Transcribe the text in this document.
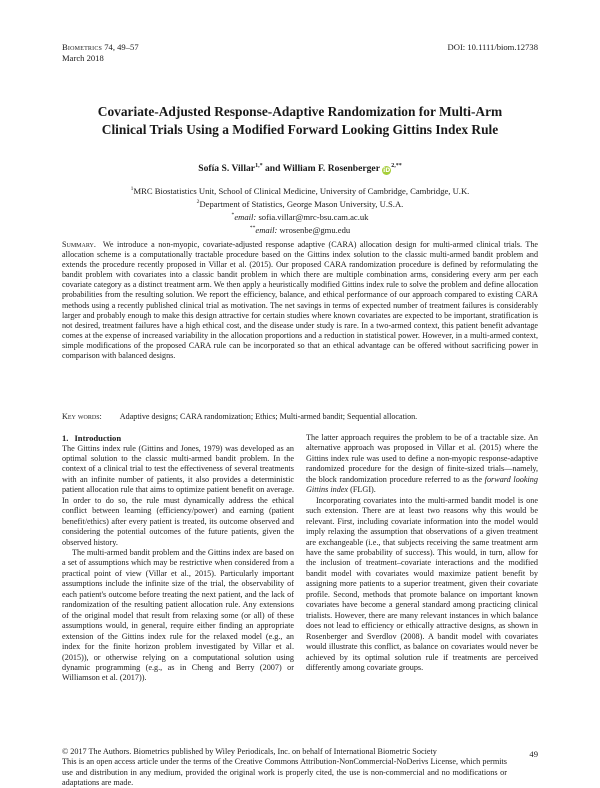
Biometrics 74, 49–57
March 2018
DOI: 10.1111/biom.12738
Covariate-Adjusted Response-Adaptive Randomization for Multi-Arm
Clinical Trials Using a Modified Forward Looking Gittins Index Rule
Sofía S. Villar$^{1,*}$ and William F. Rosenberger $iD^{2,**}$
$^1$MRC Biostatistics Unit, School of Clinical Medicine, University of Cambridge, Cambridge, U.K.
$^2$Department of Statistics, George Mason University, U.S.A.
*email: sofia.villar@mrc-bsu.cam.ac.uk
**email: wrosenbe@gmu.edu
Summary. We introduce a non-myopic, covariate-adjusted response adaptive (CARA) allocation design for multi-armed clinical trials. The allocation scheme is a computationally tractable procedure based on the Gittins index solution to the classic multi-armed bandit problem and extends the procedure recently proposed in Villar et al. (2015). Our proposed CARA randomization procedure is defined by reformulating the bandit problem with covariates into a classic bandit problem in which there are multiple combination arms, considering every arm per each covariate category as a distinct treatment arm. We then apply a heuristically modified Gittins index rule to solve the problem and define allocation probabilities from the resulting solution. We report the efficiency, balance, and ethical performance of our approach compared to existing CARA methods using a recently published clinical trial as motivation. The net savings in terms of expected number of treatment failures is considerably larger and probably enough to make this design attractive for certain studies where known covariates are expected to be important, stratification is not desired, treatment failures have a high ethical cost, and the disease under study is rare. In a two-armed context, this patient benefit advantage comes at the expense of increased variability in the allocation proportions and a reduction in statistical power. However, in a multi-armed context, simple modifications of the proposed CARA rule can be incorporated so that an ethical advantage can be offered without sacrificing power in comparison with balanced designs.
Key words: Adaptive designs; CARA randomization; Ethics; Multi-armed bandit; Sequential allocation.
1. Introduction

The Gittins index rule (Gittins and Jones, 1979) was developed as an optimal solution to the classic multi-armed bandit problem. In the context of a clinical trial to test the effectiveness of several treatments with an infinite number of patients, it also provides a deterministic patient allocation rule that aims to optimize patient benefit on average. In order to do so, the rule must dynamically address the ethical conflict between learning (efficiency/power) and earning (patient benefit/ethics) after every patient is treated, its outcome observed and considering the potential outcomes of the future patients, given the observed history.

The multi-armed bandit problem and the Gittins index are based on a set of assumptions which may be restrictive when considered from a practical point of view (Villar et al., 2015). Particularly important assumptions include the infinite size of the trial, the observability of each patient's outcome before treating the next patient, and the lack of randomization of the resulting patient allocation rule. Any extensions of the original model that result from relaxing some (or all) of these assumptions would, in general, require either finding an appropriate extension of the Gittins index rule for the relaxed model (e.g., an index for the finite horizon problem investigated by Villar et al. (2015)), or otherwise relying on a computational solution using dynamic programming (e.g., as in Cheng and Berry (2007) or Williamson et al. (2017)).

The latter approach requires the problem to be of a tractable size. An alternative approach was proposed in Villar et al. (2015) where the Gittins index rule was used to define a non-myopic response-adaptive randomized procedure for the design of finite-sized trials—namely, the block randomization procedure referred to as the forward looking Gittins index (FLGI).

Incorporating covariates into the multi-armed bandit model is one such extension. There are at least two reasons why this would be relevant. First, including covariate information into the model would imply relaxing the assumption that observations of a given treatment are exchangeable (i.e., that subjects receiving the same treatment arm have the same probability of success). This would, in turn, allow for the inclusion of treatment–covariate interactions and the modified bandit model with covariates would maximize patient benefit by assigning more patients to a superior treatment, given their covariate profile. Second, methods that promote balance on important known covariates have become a general standard among practicing clinical trialists. However, there are many relevant instances in which balance does not lead to efficiency or ethically attractive designs, as shown in Rosenberger and Sverdlov (2008). A bandit model with covariates would illustrate this conflict, as balance on covariates would never be achieved by its optimal solution rule if treatments are perceived differently among covariate groups.

© 2017 The Authors. Biometrics published by Wiley Periodicals, Inc. on behalf of International Biometric Society
This is an open access article under the terms of the Creative Commons Attribution-NonCommercial-NoDerivs License, which permits use and distribution in any medium, provided the original work is properly cited, the use is non-commercial and no modifications or adaptations are made.
49
